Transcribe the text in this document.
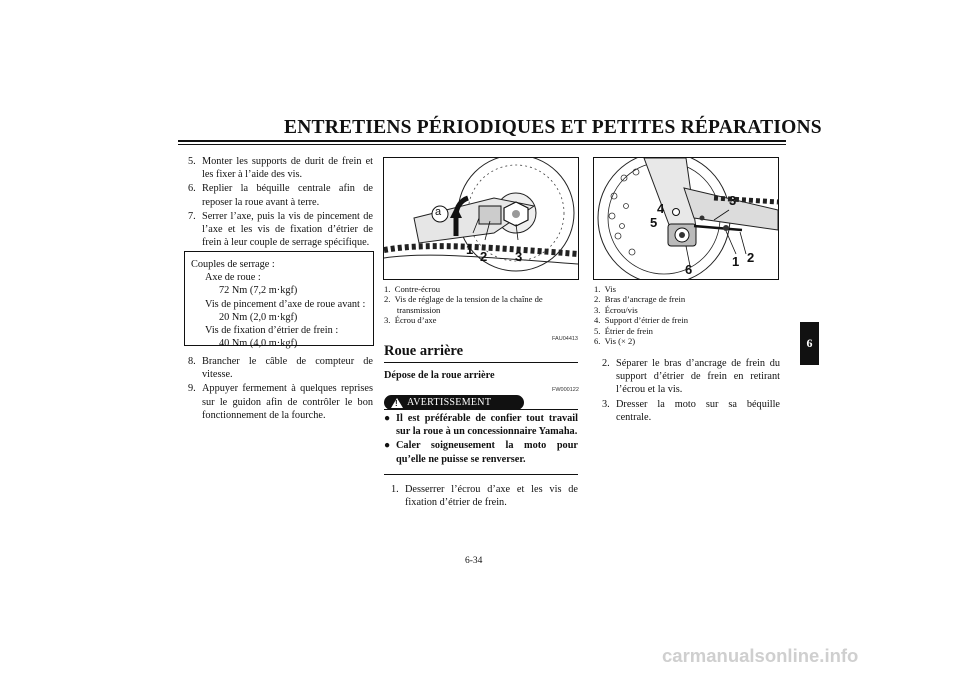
ENTRETIENS PÉRIODIQUES ET PETITES RÉPARATIONS
5. Monter les supports de durit de frein et les fixer à l’aide des vis.
6. Replier la béquille centrale afin de reposer la roue avant à terre.
7. Serrer l’axe, puis la vis de pincement de l’axe et les vis de fixation d’étrier de frein à leur couple de serrage spécifique.
Couples de serrage :
Axe de roue :
72 Nm (7,2 m·kgf)
Vis de pincement d’axe de roue avant :
20 Nm (2,0 m·kgf)
Vis de fixation d’étrier de frein :
40 Nm (4,0 m·kgf)
8. Brancher le câble de compteur de vitesse.
9. Appuyer fermement à quelques reprises sur le guidon afin de contrôler le bon fonctionnement de la fourche.
a
1 2 3
1.  Contre-écrou
2.  Vis de réglage de la tension de la chaîne de
transmission
3.  Écrou d’axe
FAU04413
Roue arrière
Dépose de la roue arrière
FW000122
! AVERTISSEMENT
● Il est préférable de confier tout travail sur la roue à un concessionnaire Yamaha.
● Caler soigneusement la moto pour qu’elle ne puisse se renverser.
1. Desserrer l’écrou d’axe et les vis de fixation d’étrier de frein.
3
4
5
6
1 2
1.  Vis
2.  Bras d’ancrage de frein
3.  Écrou/vis
4.  Support d’étrier de frein
5.  Étrier de frein
6.  Vis (× 2)
2. Séparer le bras d’ancrage de frein du support d’étrier de frein en retirant l’écrou et la vis.
3. Dresser la moto sur sa béquille centrale.
6
6-34
carmanualsonline.info
